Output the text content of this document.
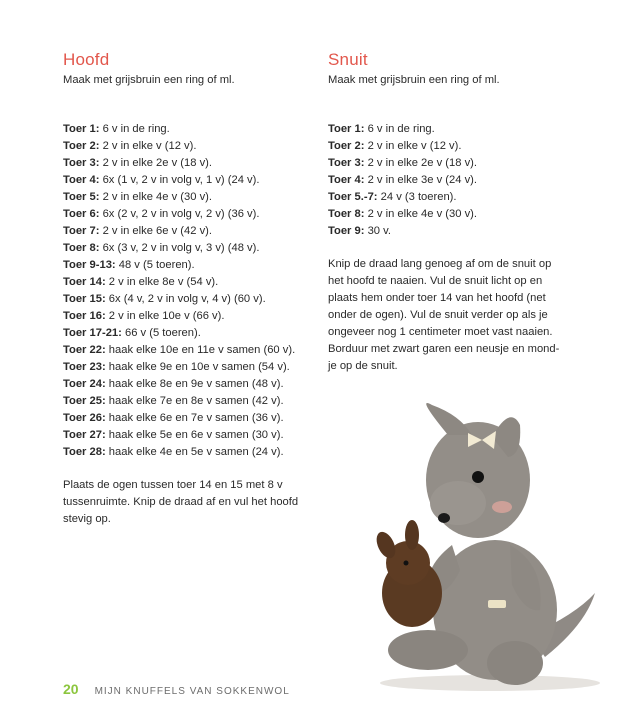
Hoofd
Maak met grijsbruin een ring of ml.
Toer 1: 6 v in de ring.
Toer 2: 2 v in elke v (12 v).
Toer 3: 2 v in elke 2e v (18 v).
Toer 4: 6x (1 v, 2 v in volg v, 1 v) (24 v).
Toer 5: 2 v in elke 4e v (30 v).
Toer 6: 6x (2 v, 2 v in volg v, 2 v) (36 v).
Toer 7: 2 v in elke 6e v (42 v).
Toer 8: 6x (3 v, 2 v in volg v, 3 v) (48 v).
Toer 9-13: 48 v (5 toeren).
Toer 14: 2 v in elke 8e v (54 v).
Toer 15: 6x (4 v, 2 v in volg v, 4 v) (60 v).
Toer 16: 2 v in elke 10e v (66 v).
Toer 17-21: 66 v (5 toeren).
Toer 22: haak elke 10e en 11e v samen (60 v).
Toer 23: haak elke 9e en 10e v samen (54 v).
Toer 24: haak elke 8e en 9e v samen (48 v).
Toer 25: haak elke 7e en 8e v samen (42 v).
Toer 26: haak elke 6e en 7e v samen (36 v).
Toer 27: haak elke 5e en 6e v samen (30 v).
Toer 28: haak elke 4e en 5e v samen (24 v).
Plaats de ogen tussen toer 14 en 15 met 8 v
tussenruimte. Knip de draad af en vul het hoofd
stevig op.
Snuit
Maak met grijsbruin een ring of ml.
Toer 1: 6 v in de ring.
Toer 2: 2 v in elke v (12 v).
Toer 3: 2 v in elke 2e v (18 v).
Toer 4: 2 v in elke 3e v (24 v).
Toer 5.-7: 24 v (3 toeren).
Toer 8: 2 v in elke 4e v (30 v).
Toer 9: 30 v.
Knip de draad lang genoeg af om de snuit op
het hoofd te naaien. Vul de snuit licht op en
plaats hem onder toer 14 van het hoofd (net
onder de ogen). Vul de snuit verder op als je
ongeveer nog 1 centimeter moet vast naaien.
Borduur met zwart garen een neusje en mond-
je op de snuit.
20 MIJN KNUFFELS VAN SOKKENWOL
